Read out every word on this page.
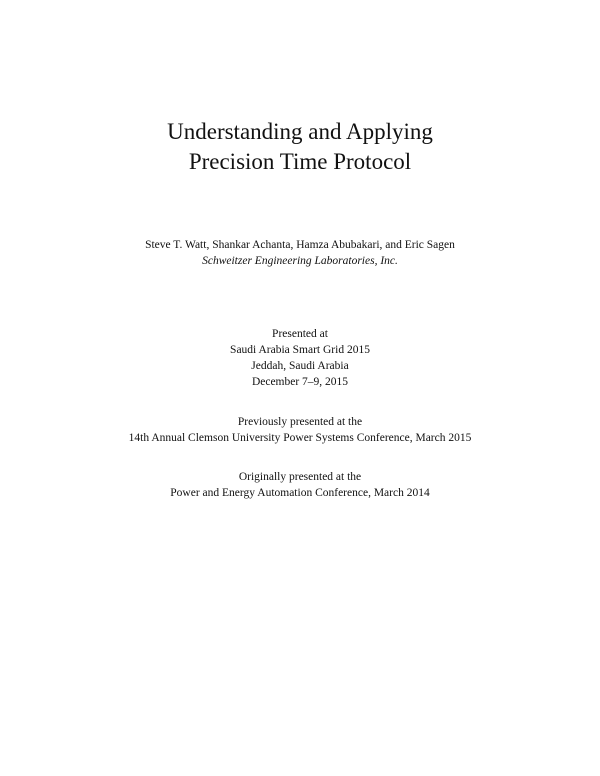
Understanding and Applying
Precision Time Protocol

Steve T. Watt, Shankar Achanta, Hamza Abubakari, and Eric Sagen

Schweitzer Engineering Laboratories, Inc.

Presented at

Saudi Arabia Smart Grid 2015

Jeddah, Saudi Arabia

December 7–9, 2015

Previously presented at the

14th Annual Clemson University Power Systems Conference, March 2015

Originally presented at the

Power and Energy Automation Conference, March 2014
